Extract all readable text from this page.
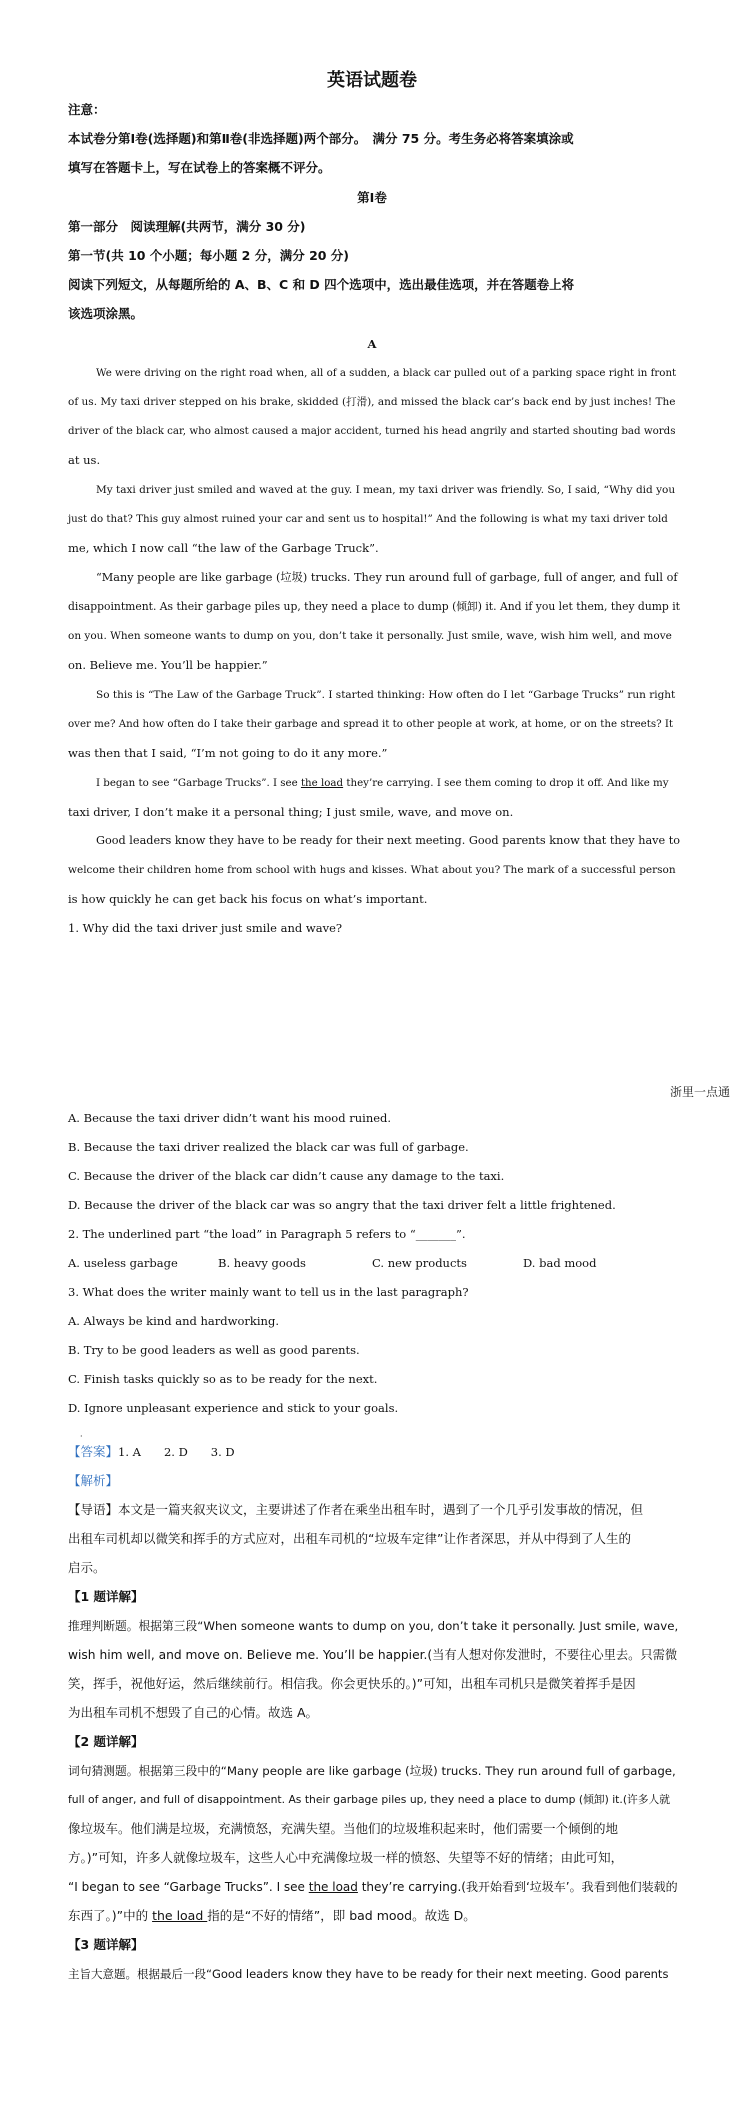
英语试题卷
注意：
本试卷分第Ⅰ卷(选择题)和第Ⅱ卷(非选择题)两个部分。　满分 75 分。考生务必将答案填涂或
填写在答题卡上，写在试卷上的答案概不评分。
第Ⅰ卷
第一部分　阅读理解(共两节，满分 30 分)
第一节(共 10 个小题；每小题 2 分，满分 20 分)
阅读下列短文，从每题所给的 A、B、C 和 D 四个选项中，选出最佳选项，并在答题卷上将
该选项涂黑。
A
We were driving on the right road when, all of a sudden, a black car pulled out of a parking space right in front
of us. My taxi driver stepped on his brake, skidded (打滑), and missed the black car’s back end by just inches! The
driver of the black car, who almost caused a major accident, turned his head angrily and started shouting bad words
at us.
My taxi driver just smiled and waved at the guy. I mean, my taxi driver was friendly. So, I said, “Why did you
just do that? This guy almost ruined your car and sent us to hospital!” And the following is what my taxi driver told
me, which I now call “the law of the Garbage Truck”.
“Many people are like garbage (垃圾) trucks. They run around full of garbage, full of anger, and full of
disappointment. As their garbage piles up, they need a place to dump (倾卸) it. And if you let them, they dump it
on you. When someone wants to dump on you, don’t take it personally. Just smile, wave, wish him well, and move
on. Believe me. You’ll be happier.”
So this is “The Law of the Garbage Truck”. I started thinking: How often do I let “Garbage Trucks” run right
over me? And how often do I take their garbage and spread it to other people at work, at home, or on the streets? It
was then that I said, “I’m not going to do it any more.”
I began to see “Garbage Trucks”. I see the load they’re carrying. I see them coming to drop it off. And like my
taxi driver, I don’t make it a personal thing; I just smile, wave, and move on.
Good leaders know they have to be ready for their next meeting. Good parents know that they have to
welcome their children home from school with hugs and kisses. What about you? The mark of a successful person
is how quickly he can get back his focus on what’s important.
1. Why did the taxi driver just smile and wave?
浙里一点通
A. Because the taxi driver didn’t want his mood ruined.
B. Because the taxi driver realized the black car was full of garbage.
C. Because the driver of the black car didn’t cause any damage to the taxi.
D. Because the driver of the black car was so angry that the taxi driver felt a little frightened.
2. The underlined part “the load” in Paragraph 5 refers to “_______”.
A. useless garbage	B. heavy goods	C. new products	D. bad mood
3. What does the writer mainly want to tell us in the last paragraph?
A. Always be kind and hardworking.
B. Try to be good leaders as well as good parents.
C. Finish tasks quickly so as to be ready for the next.
D. Ignore unpleasant experience and stick to your goals.
·
【答案】1. A　　2. D　　3. D
【解析】
【导语】本文是一篇夹叙夹议文，主要讲述了作者在乘坐出租车时，遇到了一个几乎引发事故的情况，但
出租车司机却以微笑和挥手的方式应对，出租车司机的“垃圾车定律”让作者深思，并从中得到了人生的
启示。
【1 题详解】
推理判断题。根据第三段“When someone wants to dump on you, don’t take it personally. Just smile, wave,
wish him well, and move on. Believe me. You’ll be happier.(当有人想对你发泄时，不要往心里去。只需微
笑，挥手，祝他好运，然后继续前行。相信我。你会更快乐的。)”可知，出租车司机只是微笑着挥手是因
为出租车司机不想毁了自己的心情。故选 A。
【2 题详解】
词句猜测题。根据第三段中的“Many people are like garbage (垃圾) trucks. They run around full of garbage,
full of anger, and full of disappointment. As their garbage piles up, they need a place to dump (倾卸) it.(许多人就
像垃圾车。他们满是垃圾，充满愤怒，充满失望。当他们的垃圾堆积起来时，他们需要一个倾倒的地
方。)”可知，许多人就像垃圾车，这些人心中充满像垃圾一样的愤怒、失望等不好的情绪；由此可知，
“I began to see “Garbage Trucks”. I see the load they’re carrying.(我开始看到‘垃圾车’。我看到他们装载的
东西了。)”中的 the load 指的是“不好的情绪”，即 bad mood。故选 D。
【3 题详解】
主旨大意题。根据最后一段“Good leaders know they have to be ready for their next meeting. Good parents
